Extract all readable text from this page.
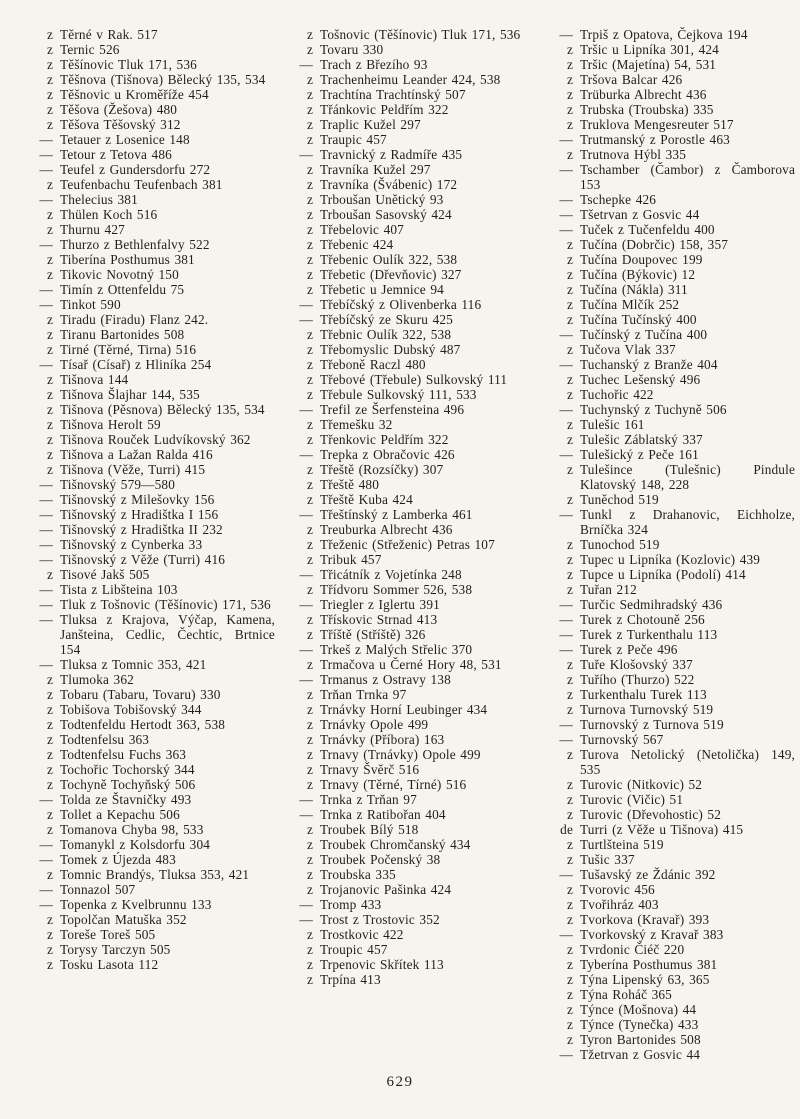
z Těrné v Rak. 517
z Ternic 526
z Těšínovic Tluk 171, 536
z Těšnova (Tišnova) Bělecký 135, 534
z Těšnovic u Kroměříže 454
z Těšova (Žešova) 480
z Těšova Těšovský 312
— Tetauer z Losenice 148
— Tetour z Tetova 486
— Teufel z Gundersdorfu 272
z Teufenbachu Teufenbach 381
— Thelecius 381
z Thülen Koch 516
z Thurnu 427
— Thurzo z Bethlenfalvy 522
z Tiberína Posthumus 381
z Tikovic Novotný 150
— Timín z Ottenfeldu 75
— Tinkot 590
z Tiradu (Firadu) Flanz 242.
z Tiranu Bartonides 508
z Tirné (Těrné, Tirna) 516
— Tísař (Císař) z Hliníka 254
z Tišnova 144
z Tišnova Šlajhar 144, 535
z Tišnova (Pěsnova) Bělecký 135, 534
z Tišnova Herolt 59
z Tišnova Rouček Ludvíkovský 362
z Tišnova a Lažan Ralda 416
z Tišnova (Věže, Turri) 415
— Tišnovský 579—580
— Tišnovský z Milešovky 156
— Tišnovský z Hradištka I 156
— Tišnovský z Hradištka II 232
— Tišnovský z Cynberka 33
— Tišnovský z Věže (Turri) 416
z Tisové Jakš 505
— Tista z Libšteina 103
— Tluk z Tošnovic (Těšínovic) 171, 536
— Tluksa z Krajova, Výčap, Kamena, Janšteina, Cedlic, Čechtic, Brtnice 154
— Tluksa z Tomnic 353, 421
z Tlumoka 362
z Tobaru (Tabaru, Tovaru) 330
z Tobišova Tobišovský 344
z Todtenfeldu Hertodt 363, 538
z Todtenfelsu 363
z Todtenfelsu Fuchs 363
z Tochořic Tochorský 344
z Tochyně Tochyňský 506
— Tolda ze Štavničky 493
z Tollet a Kepachu 506
z Tomanova Chyba 98, 533
— Tomanykl z Kolsdorfu 304
— Tomek z Újezda 483
z Tomnic Brandýs, Tluksa 353, 421
— Tonnazol 507
— Topenka z Kvelbrunnu 133
z Topolčan Matuška 352
z Toreše Toreš 505
z Torysy Tarczyn 505
z Tosku Lasota 112
z Tošnovic (Těšínovic) Tluk 171, 536
z Tovaru 330
— Trach z Březího 93
z Trachenheimu Leander 424, 538
z Trachtína Trachtínský 507
z Třánkovic Peldřím 322
z Traplic Kužel 297
z Traupic 457
— Travnický z Radmíře 435
z Travníka Kužel 297
z Travníka (Švábenic) 172
z Trboušan Unětický 93
z Trboušan Sasovský 424
z Třebelovic 407
z Třebenic 424
z Třebenic Oulík 322, 538
z Třebetic (Dřevňovic) 327
z Třebetic u Jemnice 94
— Třebíčský z Olivenberka 116
— Třebíčský ze Skuru 425
z Třebnic Oulík 322, 538
z Třebomyslic Dubský 487
z Třeboně Raczl 480
z Třebové (Třebule) Sulkovský 111
z Třebule Sulkovský 111, 533
— Trefil ze Šerfensteina 496
z Třemešku 32
z Třenkovic Peldřím 322
— Trepka z Obračovic 426
z Třeště (Rozsíčky) 307
z Třeště 480
z Třeště Kuba 424
— Třeštínský z Lamberka 461
z Treuburka Albrecht 436
z Třeženic (Střeženic) Petras 107
z Tribuk 457
— Třicátník z Vojetínka 248
z Třídvoru Sommer 526, 538
— Triegler z Iglertu 391
z Třískovic Strnad 413
z Tříště (Stříště) 326
— Trkeš z Malých Střelic 370
z Trmačova u Černé Hory 48, 531
— Trmanus z Ostravy 138
z Trňan Trnka 97
z Trnávky Horní Leubinger 434
z Trnávky Opole 499
z Trnávky (Příbora) 163
z Trnavy (Trnávky) Opole 499
z Trnavy Švěrč 516
z Trnavy (Těrné, Tírné) 516
— Trnka z Trňan 97
— Trnka z Ratibořan 404
z Troubek Bílý 518
z Troubek Chromčanský 434
z Troubek Počenský 38
z Troubska 335
z Trojanovic Pašinka 424
— Tromp 433
— Trost z Trostovic 352
z Trostkovic 422
z Troupic 457
z Trpenovic Skřítek 113
z Trpína 413
— Trpiš z Opatova, Čejkova 194
z Tršic u Lipníka 301, 424
z Tršic (Majetína) 54, 531
z Tršova Balcar 426
z Trüburka Albrecht 436
z Trubska (Troubska) 335
z Truklova Mengesreuter 517
— Trutmanský z Porostle 463
z Trutnova Hýbl 335
— Tschamber (Čambor) z Čamborova 153
— Tschepke 426
— Tšetrvan z Gosvic 44
— Tuček z Tučenfeldu 400
z Tučína (Dobrčic) 158, 357
z Tučína Doupovec 199
z Tučína (Býkovic) 12
z Tučína (Nákla) 311
z Tučína Mlčík 252
z Tučína Tučínský 400
— Tučínský z Tučína 400
z Tučova Vlak 337
— Tuchanský z Branže 404
z Tuchec Lešenský 496
z Tuchořic 422
— Tuchynský z Tuchyně 506
z Tulešic 161
z Tulešic Záblatský 337
— Tulešický z Peče 161
z Tulešince (Tulešnic) Pindule Klatovský 148, 228
z Tuněchod 519
— Tunkl z Drahanovic, Eichholze, Brníčka 324
z Tunochod 519
z Tupec u Lipníka (Kozlovic) 439
z Tupce u Lipníka (Podolí) 414
z Tuřan 212
— Turčic Sedmihradský 436
— Turek z Chotouně 256
— Turek z Turkenthalu 113
— Turek z Peče 496
z Tuře Klošovský 337
z Tuřího (Thurzo) 522
z Turkenthalu Turek 113
z Turnova Turnovský 519
— Turnovský z Turnova 519
— Turnovský 567
z Turova Netolický (Netolička) 149, 535
z Turovic (Nitkovic) 52
z Turovic (Vičic) 51
z Turovic (Dřevohostic) 52
de Turri (z Věže u Tišnova) 415
z Turtlšteina 519
z Tušic 337
— Tušavský ze Ždánic 392
z Tvorovic 456
z Tvořihráz 403
z Tvorkova (Kravař) 393
— Tvorkovský z Kravař 383
z Tvrdonic Čiéč 220
z Tyberína Posthumus 381
z Týna Lipenský 63, 365
z Týna Roháč 365
z Týnce (Mošnova) 44
z Týnce (Tynečka) 433
z Tyron Bartonides 508
— Tžetrvan z Gosvic 44
629
